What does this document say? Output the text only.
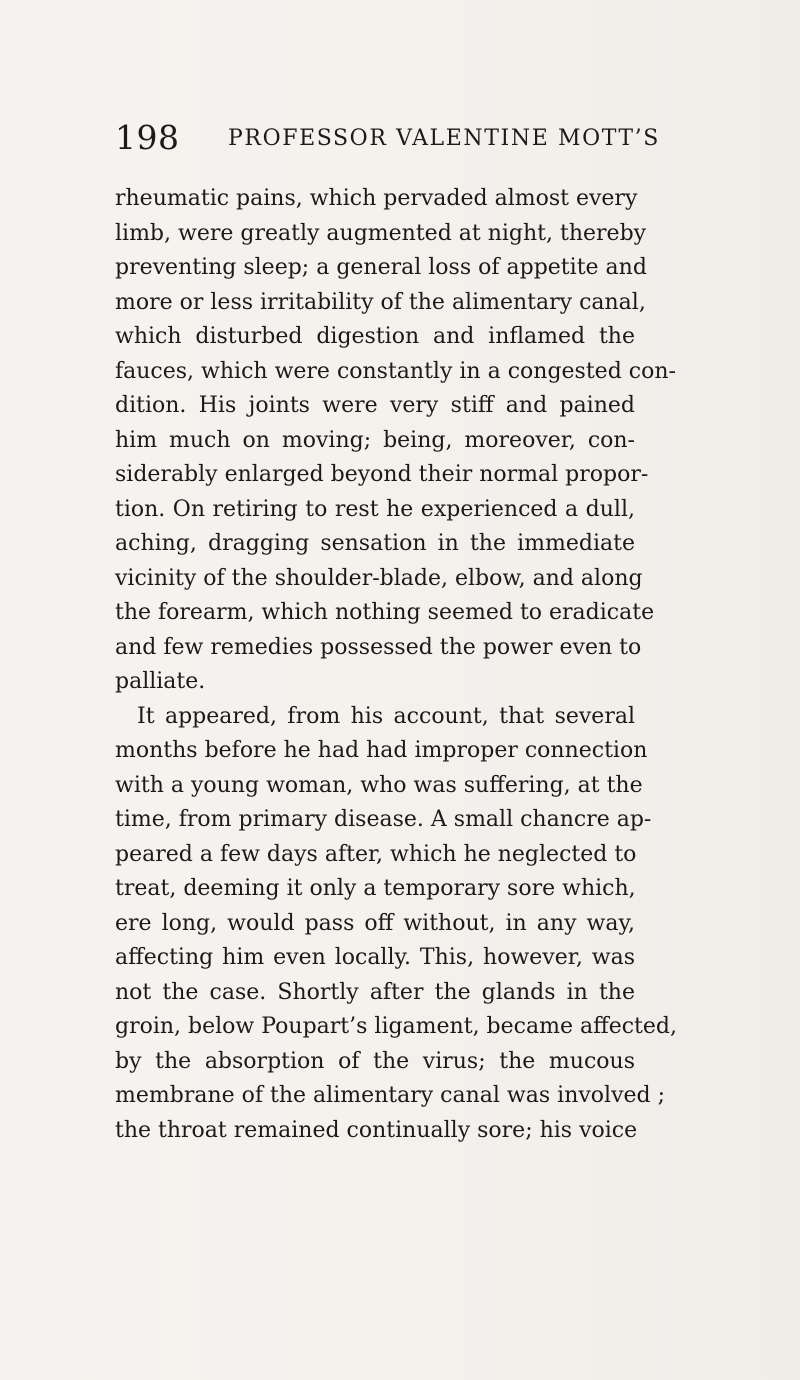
198 PROFESSOR VALENTINE MOTT’S
rheumatic pains, which pervaded almost every
limb, were greatly augmented at night, thereby
preventing sleep; a general loss of appetite and
more or less irritability of the alimentary canal,
which disturbed digestion and inflamed the
fauces, which were constantly in a congested con-
dition. His joints were very stiff and pained
him much on moving; being, moreover, con-
siderably enlarged beyond their normal propor-
tion. On retiring to rest he experienced a dull,
aching, dragging sensation in the immediate
vicinity of the shoulder-blade, elbow, and along
the forearm, which nothing seemed to eradicate
and few remedies possessed the power even to
palliate.
It appeared, from his account, that several
months before he had had improper connection
with a young woman, who was suffering, at the
time, from primary disease. A small chancre ap-
peared a few days after, which he neglected to
treat, deeming it only a temporary sore which,
ere long, would pass off without, in any way,
affecting him even locally. This, however, was
not the case. Shortly after the glands in the
groin, below Poupart’s ligament, became affected,
by the absorption of the virus; the mucous
membrane of the alimentary canal was involved ;
the throat remained continually sore; his voice
